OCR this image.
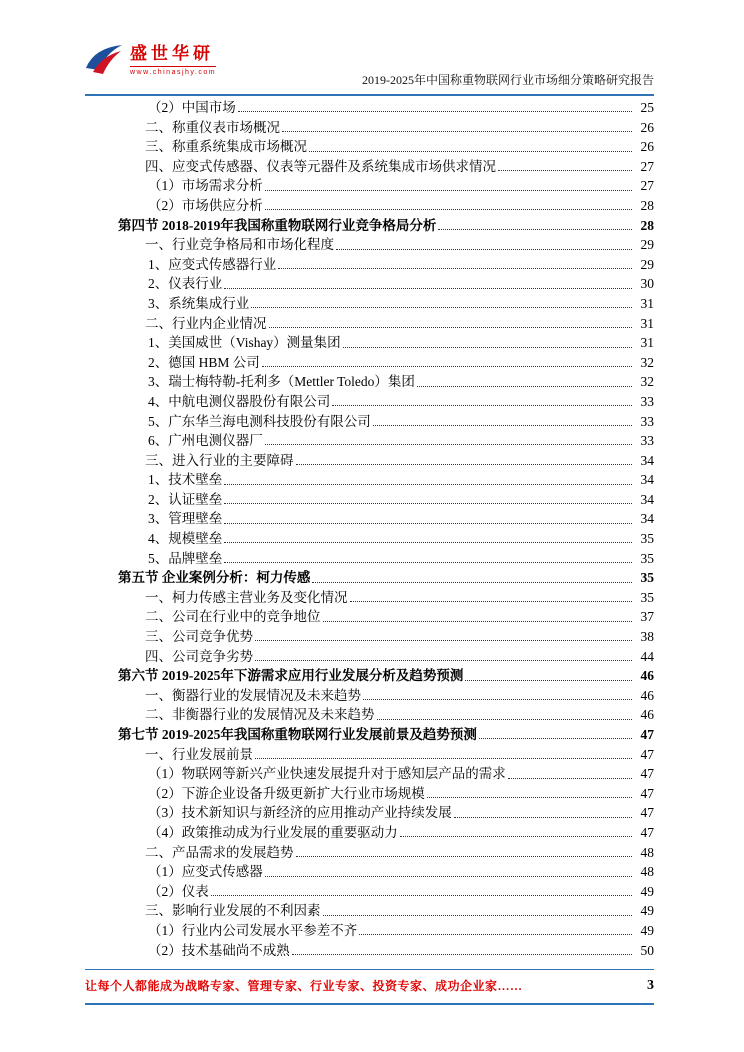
盛世华研
www.chinasjhy.com
2019-2025年中国称重物联网行业市场细分策略研究报告
（2）中国市场	25
二、称重仪表市场概况	26
三、称重系统集成市场概况	26
四、应变式传感器、仪表等元器件及系统集成市场供求情况	27
（1）市场需求分析	27
（2）市场供应分析	28
第四节 2018-2019年我国称重物联网行业竞争格局分析	28
一、行业竞争格局和市场化程度	29
1、应变式传感器行业	29
2、仪表行业	30
3、系统集成行业	31
二、行业内企业情况	31
1、美国威世（Vishay）测量集团	31
2、德国 HBM 公司	32
3、瑞士梅特勒-托利多（Mettler Toledo）集团	32
4、中航电测仪器股份有限公司	33
5、广东华兰海电测科技股份有限公司	33
6、广州电测仪器厂	33
三、进入行业的主要障碍	34
1、技术壁垒	34
2、认证壁垒	34
3、管理壁垒	34
4、规模壁垒	35
5、品牌壁垒	35
第五节 企业案例分析：柯力传感	35
一、柯力传感主营业务及变化情况	35
二、公司在行业中的竞争地位	37
三、公司竞争优势	38
四、公司竞争劣势	44
第六节 2019-2025年下游需求应用行业发展分析及趋势预测	46
一、衡器行业的发展情况及未来趋势	46
二、非衡器行业的发展情况及未来趋势	46
第七节 2019-2025年我国称重物联网行业发展前景及趋势预测	47
一、行业发展前景	47
（1）物联网等新兴产业快速发展提升对于感知层产品的需求	47
（2）下游企业设备升级更新扩大行业市场规模	47
（3）技术新知识与新经济的应用推动产业持续发展	47
（4）政策推动成为行业发展的重要驱动力	47
二、产品需求的发展趋势	48
（1）应变式传感器	48
（2）仪表	49
三、影响行业发展的不利因素	49
（1）行业内公司发展水平参差不齐	49
（2）技术基础尚不成熟	50
让每个人都能成为战略专家、管理专家、行业专家、投资专家、成功企业家……	3
